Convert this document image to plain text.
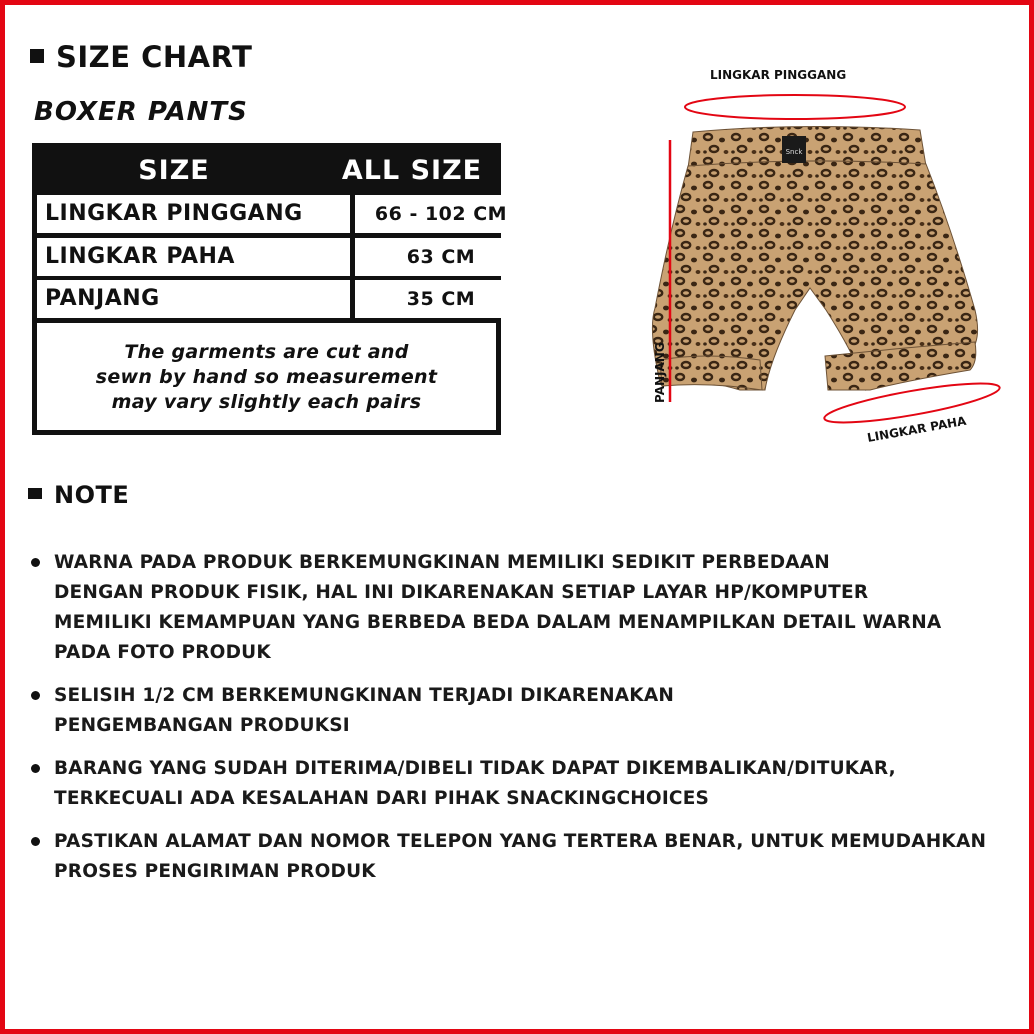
SIZE CHART
BOXER PANTS
SIZE	ALL SIZE
LINGKAR PINGGANG	66 - 102 CM
LINGKAR PAHA	63 CM
PANJANG	35 CM
The garments are cut and
sewn by hand so measurement
may vary slightly each pairs
Snck
LINGKAR PINGGANG
PANJANG
LINGKAR PAHA
NOTE
WARNA PADA PRODUK BERKEMUNGKINAN MEMILIKI SEDIKIT PERBEDAAN
DENGAN PRODUK FISIK, HAL INI DIKARENAKAN SETIAP LAYAR HP/KOMPUTER
MEMILIKI KEMAMPUAN YANG BERBEDA BEDA DALAM MENAMPILKAN DETAIL WARNA
PADA FOTO PRODUK
SELISIH 1/2 CM BERKEMUNGKINAN TERJADI DIKARENAKAN
PENGEMBANGAN PRODUKSI
BARANG YANG SUDAH DITERIMA/DIBELI TIDAK DAPAT DIKEMBALIKAN/DITUKAR,
TERKECUALI ADA KESALAHAN DARI PIHAK SNACKINGCHOICES
PASTIKAN ALAMAT DAN NOMOR TELEPON YANG TERTERA BENAR, UNTUK MEMUDAHKAN
PROSES PENGIRIMAN PRODUK
